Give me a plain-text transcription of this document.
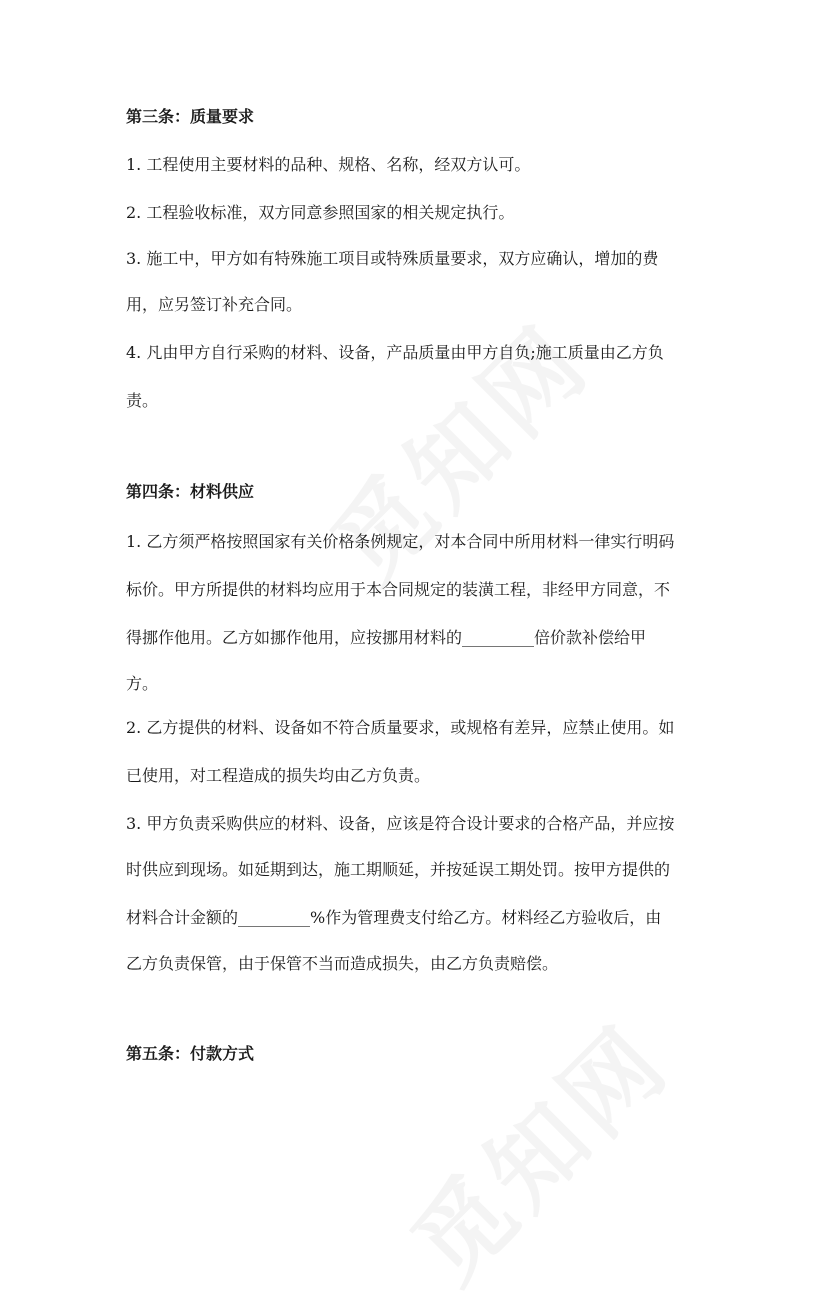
第三条：质量要求
1. 工程使用主要材料的品种、规格、名称，经双方认可。
2. 工程验收标准，双方同意参照国家的相关规定执行。
3. 施工中，甲方如有特殊施工项目或特殊质量要求，双方应确认，增加的费
用，应另签订补充合同。
4. 凡由甲方自行采购的材料、设备，产品质量由甲方自负;施工质量由乙方负
责。
第四条：材料供应
1. 乙方须严格按照国家有关价格条例规定，对本合同中所用材料一律实行明码
标价。甲方所提供的材料均应用于本合同规定的装潢工程，非经甲方同意，不
得挪作他用。乙方如挪作他用，应按挪用材料的_________倍价款补偿给甲
方。
2. 乙方提供的材料、设备如不符合质量要求，或规格有差异，应禁止使用。如
已使用，对工程造成的损失均由乙方负责。
3. 甲方负责采购供应的材料、设备，应该是符合设计要求的合格产品，并应按
时供应到现场。如延期到达，施工期顺延，并按延误工期处罚。按甲方提供的
材料合计金额的_________%作为管理费支付给乙方。材料经乙方验收后，由
乙方负责保管，由于保管不当而造成损失，由乙方负责赔偿。
第五条：付款方式
